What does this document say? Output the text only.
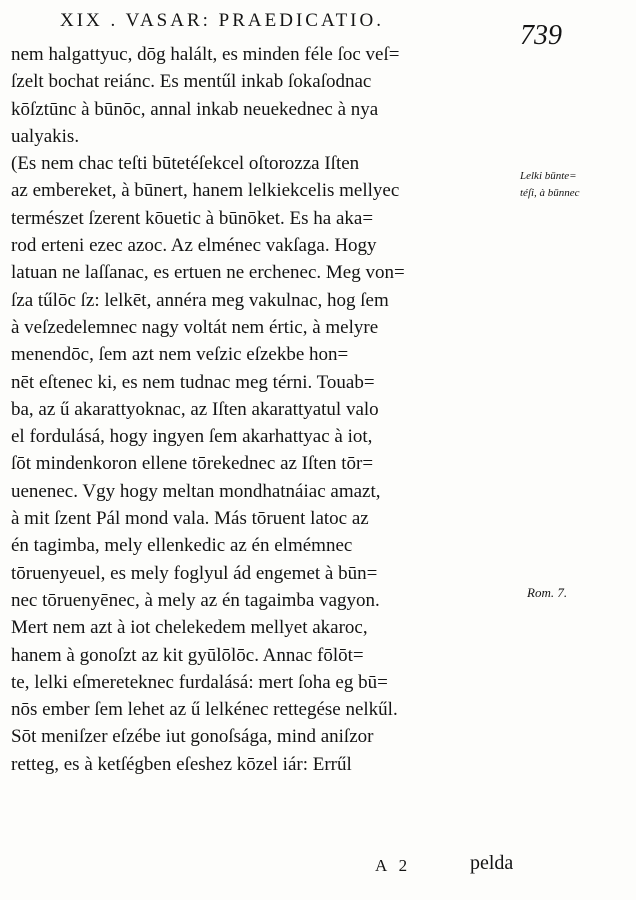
XIX . VASAR: PRAEDICATIO.	739
nem halgattyuc, dōg halált, es minden féle ſoc veſ=
ſzelt bochat reiánc. Es mentűl inkab ſokaſodnac
kōſztūnc à būnōc, annal inkab neuekednec à nya
ualyakis.
(Es nem chac teſti būtetéſekcel oſtorozza Iſten
az embereket, à būnert, hanem lelkiekcelis mellyec
természet ſzerent kōuetic à būnōket. Es ha aka=
rod erteni ezec azoc. Az elménec vakſaga. Hogy
latuan ne laſſanac, es ertuen ne erchenec. Meg von=
ſza tűlōc ſz: lelkēt, annéra meg vakulnac, hog ſem
à veſzedelemnec nagy voltát nem értic, à melyre
menendōc, ſem azt nem veſzic eſzekbe hon=
nēt eſtenec ki, es nem tudnac meg térni. Touab=
ba, az ű akarattyoknac, az Iſten akarattyatul valo
el fordulásá, hogy ingyen ſem akarhattyac à iot,
ſōt mindenkoron ellene tōrekednec az Iſten tōr=
uenenec. Vgy hogy meltan mondhatnáiac amazt,
à mit ſzent Pál mond vala. Más tōruent latoc az
én tagimba, mely ellenkedic az én elmémnec
tōruenyeuel, es mely foglyul ád engemet à būn=
nec tōruenyēnec, à mely az én tagaimba vagyon.
Mert nem azt à iot chelekedem mellyet akaroc,
hanem à gonoſzt az kit gyūlōlōc. Annac fōlōt=
te, lelki eſmereteknec furdalásá: mert ſoha eg bū=
nōs ember ſem lehet az ű lelkénec rettegése nelkűl.
Sōt meniſzer eſzébe iut gonoſsága, mind aniſzor
retteg, es à ketſégben eſeshez kōzel iár: Errűl
Lelki būnte=
téſi, à būnnec
Rom. 7.
A 2	pelda
